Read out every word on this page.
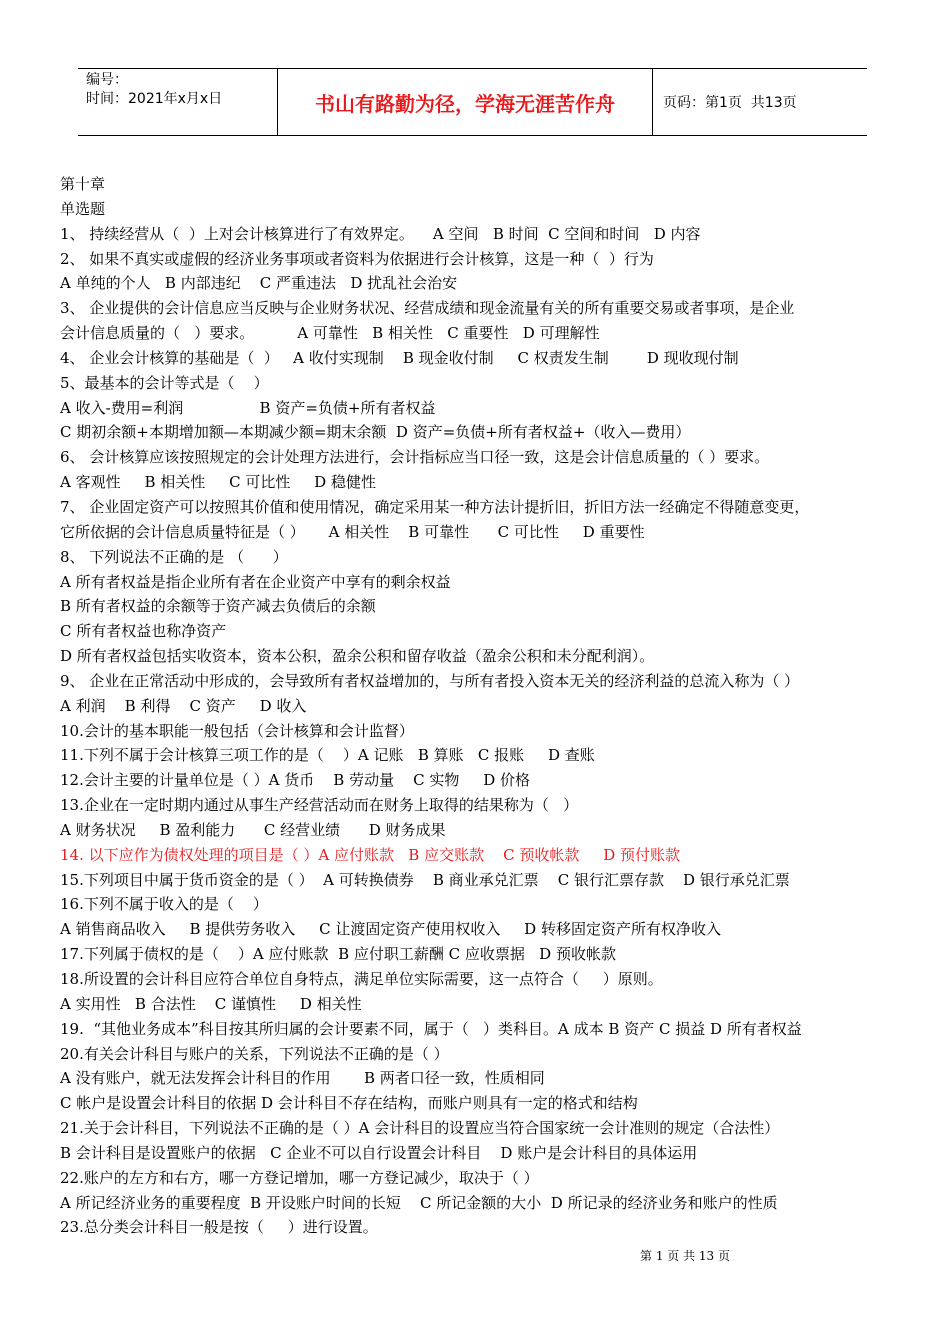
编号：
时间：2021年x月x日	书山有路勤为径，学海无涯苦作舟	页码：第1页  共13页
第十章
单选题
1、 持续经营从（  ）上对会计核算进行了有效界定。    A 空间   B 时间  C 空间和时间   D 内容
2、 如果不真实或虚假的经济业务事项或者资料为依据进行会计核算，这是一种（  ）行为
A 单纯的个人   B 内部违纪    C 严重违法   D 扰乱社会治安
3、 企业提供的会计信息应当反映与企业财务状况、经营成绩和现金流量有关的所有重要交易或者事项，是企业
会计信息质量的（   ）要求。         A 可靠性   B 相关性   C 重要性   D 可理解性
4、 企业会计核算的基础是（  ）   A 收付实现制    B 现金收付制     C 权责发生制        D 现收现付制
5、最基本的会计等式是（    ）
A 收入-费用=利润                B 资产=负债+所有者权益
C 期初余额+本期增加额—本期减少额=期末余额  D 资产=负债+所有者权益+（收入—费用）
6、 会计核算应该按照规定的会计处理方法进行，会计指标应当口径一致，这是会计信息质量的（ ）要求。
A 客观性     B 相关性     C 可比性     D 稳健性
7、 企业固定资产可以按照其价值和使用情况，确定采用某一种方法计提折旧，折旧方法一经确定不得随意变更，
它所依据的会计信息质量特征是（ ）     A 相关性    B 可靠性      C 可比性     D 重要性
8、 下列说法不正确的是 （      ）
A 所有者权益是指企业所有者在企业资产中享有的剩余权益
B 所有者权益的余额等于资产减去负债后的余额
C 所有者权益也称净资产
D 所有者权益包括实收资本，资本公积，盈余公积和留存收益（盈余公积和未分配利润）。
9、 企业在正常活动中形成的，会导致所有者权益增加的，与所有者投入资本无关的经济利益的总流入称为（ ）
A 利润    B 利得    C 资产     D 收入
10.会计的基本职能一般包括（会计核算和会计监督）
11.下列不属于会计核算三项工作的是（    ）A 记账   B 算账   C 报账     D 查账
12.会计主要的计量单位是（ ）A 货币    B 劳动量    C 实物     D 价格
13.企业在一定时期内通过从事生产经营活动而在财务上取得的结果称为（   ）
A 财务状况     B 盈利能力      C 经营业绩      D 财务成果
14. 以下应作为债权处理的项目是（ ）A 应付账款   B 应交账款    C 预收帐款     D 预付账款
15.下列项目中属于货币资金的是（ ）  A 可转换债券    B 商业承兑汇票    C 银行汇票存款    D 银行承兑汇票
16.下列不属于收入的是（    ）
A 销售商品收入     B 提供劳务收入     C 让渡固定资产使用权收入     D 转移固定资产所有权净收入
17.下列属于债权的是（    ）A 应付账款  B 应付职工薪酬 C 应收票据   D 预收帐款
18.所设置的会计科目应符合单位自身特点，满足单位实际需要，这一点符合（     ）原则。
A 实用性   B 合法性    C 谨慎性     D 相关性
19.  “其他业务成本”科目按其所归属的会计要素不同，属于（   ）类科目。A 成本 B 资产 C 损益 D 所有者权益
20.有关会计科目与账户的关系，下列说法不正确的是（ ）
A 没有账户，就无法发挥会计科目的作用       B 两者口径一致，性质相同
C 帐户是设置会计科目的依据 D 会计科目不存在结构，而账户则具有一定的格式和结构
21.关于会计科目，下列说法不正确的是（ ）A 会计科目的设置应当符合国家统一会计准则的规定（合法性）
B 会计科目是设置账户的依据   C 企业不可以自行设置会计科目    D 账户是会计科目的具体运用
22.账户的左方和右方，哪一方登记增加，哪一方登记减少，取决于（ ）
A 所记经济业务的重要程度  B 开设账户时间的长短    C 所记金额的大小  D 所记录的经济业务和账户的性质
23.总分类会计科目一般是按（     ）进行设置。
第 1 页 共 13 页
